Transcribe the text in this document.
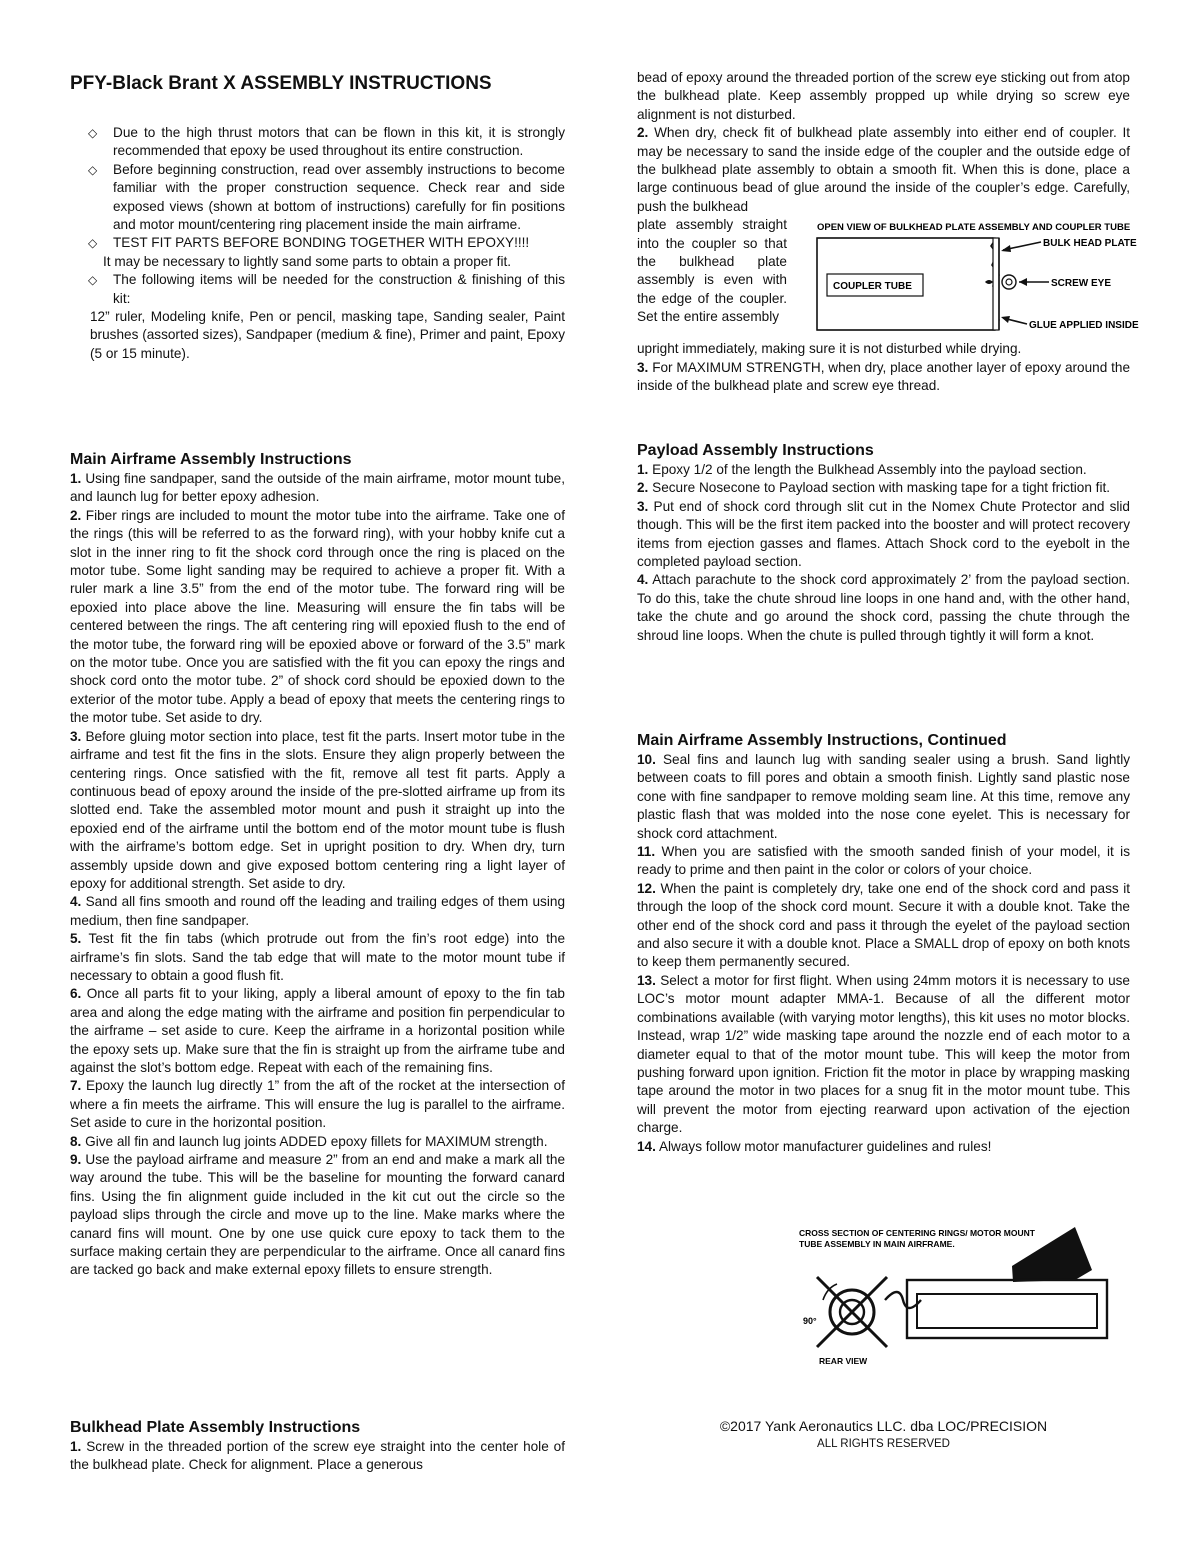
PFY-Black Brant X ASSEMBLY INSTRUCTIONS
◇ Due to the high thrust motors that can be flown in this kit, it is strongly recommended that epoxy be used throughout its entire construction.
◇ Before beginning construction, read over assembly instructions to become familiar with the proper construction sequence. Check rear and side exposed views (shown at bottom of instructions) carefully for fin positions and motor mount/centering ring placement inside the main airframe.
◇ TEST FIT PARTS BEFORE BONDING TOGETHER WITH EPOXY!!!!
It may be necessary to lightly sand some parts to obtain a proper fit.
◇ The following items will be needed for the construction & finishing of this kit:
12” ruler, Modeling knife, Pen or pencil, masking tape, Sanding sealer, Paint brushes (assorted sizes), Sandpaper (medium & fine), Primer and paint, Epoxy (5 or 15 minute).
Main Airframe Assembly Instructions

1. Using fine sandpaper, sand the outside of the main airframe, motor mount tube, and launch lug for better epoxy adhesion.

2. Fiber rings are included to mount the motor tube into the airframe. Take one of the rings (this will be referred to as the forward ring), with your hobby knife cut a slot in the inner ring to fit the shock cord through once the ring is placed on the motor tube. Some light sanding may be required to achieve a proper fit. With a ruler mark a line 3.5” from the end of the motor tube. The forward ring will be epoxied into place above the line. Measuring will ensure the fin tabs will be centered between the rings. The aft centering ring will epoxied flush to the end of the motor tube, the forward ring will be epoxied above or forward of the 3.5” mark on the motor tube. Once you are satisfied with the fit you can epoxy the rings and shock cord onto the motor tube. 2” of shock cord should be epoxied down to the exterior of the motor tube. Apply a bead of epoxy that meets the centering rings to the motor tube. Set aside to dry.

3. Before gluing motor section into place, test fit the parts. Insert motor tube in the airframe and test fit the fins in the slots. Ensure they align properly between the centering rings. Once satisfied with the fit, remove all test fit parts. Apply a continuous bead of epoxy around the inside of the pre-slotted airframe up from its slotted end. Take the assembled motor mount and push it straight up into the epoxied end of the airframe until the bottom end of the motor mount tube is flush with the airframe’s bottom edge. Set in upright position to dry. When dry, turn assembly upside down and give exposed bottom centering ring a light layer of epoxy for additional strength. Set aside to dry.

4. Sand all fins smooth and round off the leading and trailing edges of them using medium, then fine sandpaper.

5. Test fit the fin tabs (which protrude out from the fin’s root edge) into the airframe’s fin slots. Sand the tab edge that will mate to the motor mount tube if necessary to obtain a good flush fit.

6. Once all parts fit to your liking, apply a liberal amount of epoxy to the fin tab area and along the edge mating with the airframe and position fin perpendicular to the airframe – set aside to cure. Keep the airframe in a horizontal position while the epoxy sets up. Make sure that the fin is straight up from the airframe tube and against the slot’s bottom edge. Repeat with each of the remaining fins.

7. Epoxy the launch lug directly 1” from the aft of the rocket at the intersection of where a fin meets the airframe. This will ensure the lug is parallel to the airframe. Set aside to cure in the horizontal position.

8. Give all fin and launch lug joints ADDED epoxy fillets for MAXIMUM strength.

9. Use the payload airframe and measure 2” from an end and make a mark all the way around the tube. This will be the baseline for mounting the forward canard fins. Using the fin alignment guide included in the kit cut out the circle so the payload slips through the circle and move up to the line. Make marks where the canard fins will mount. One by one use quick cure epoxy to tack them to the surface making certain they are perpendicular to the airframe. Once all canard fins are tacked go back and make external epoxy fillets to ensure strength.

Bulkhead Plate Assembly Instructions

1. Screw in the threaded portion of the screw eye straight into the center hole of the bulkhead plate. Check for alignment. Place a generous

bead of epoxy around the threaded portion of the screw eye sticking out from atop the bulkhead plate. Keep assembly propped up while drying so screw eye alignment is not disturbed.

2. When dry, check fit of bulkhead plate assembly into either end of coupler. It may be necessary to sand the inside edge of the coupler and the outside edge of the bulkhead plate assembly to obtain a smooth fit. When this is done, place a large continuous bead of glue around the inside of the coupler’s edge. Carefully, push the bulkhead

plate assembly straight into the coupler so that the bulkhead plate assembly is even with the edge of the coupler. Set the entire assembly

OPEN VIEW OF BULKHEAD PLATE ASSEMBLY AND COUPLER TUBE
COUPLER TUBE	SCREW EYE
BULK HEAD PLATE
GLUE APPLIED INSIDE

upright immediately, making sure it is not disturbed while drying.

3. For MAXIMUM STRENGTH, when dry, place another layer of epoxy around the inside of the bulkhead plate and screw eye thread.

Payload Assembly Instructions

1. Epoxy 1/2 of the length the Bulkhead Assembly into the payload section.

2. Secure Nosecone to Payload section with masking tape for a tight friction fit.

3. Put end of shock cord through slit cut in the Nomex Chute Protector and slid though. This will be the first item packed into the booster and will protect recovery items from ejection gasses and flames. Attach Shock cord to the eyebolt in the completed payload section.

4. Attach parachute to the shock cord approximately 2’ from the payload section. To do this, take the chute shroud line loops in one hand and, with the other hand, take the chute and go around the shock cord, passing the chute through the shroud line loops. When the chute is pulled through tightly it will form a knot.

Main Airframe Assembly Instructions, Continued

10. Seal fins and launch lug with sanding sealer using a brush. Sand lightly between coats to fill pores and obtain a smooth finish. Lightly sand plastic nose cone with fine sandpaper to remove molding seam line. At this time, remove any plastic flash that was molded into the nose cone eyelet. This is necessary for shock cord attachment.

11. When you are satisfied with the smooth sanded finish of your model, it is ready to prime and then paint in the color or colors of your choice.

12. When the paint is completely dry, take one end of the shock cord and pass it through the loop of the shock cord mount. Secure it with a double knot. Take the other end of the shock cord and pass it through the eyelet of the payload section and also secure it with a double knot. Place a SMALL drop of epoxy on both knots to keep them permanently secured.

13. Select a motor for first flight. When using 24mm motors it is necessary to use LOC’s motor mount adapter MMA-1. Because of all the different motor combinations available (with varying motor lengths), this kit uses no motor blocks. Instead, wrap 1/2” wide masking tape around the nozzle end of each motor to a diameter equal to that of the motor mount tube. This will keep the motor from pushing forward upon ignition. Friction fit the motor in place by wrapping masking tape around the motor in two places for a snug fit in the motor mount tube. This will prevent the motor from ejecting rearward upon activation of the ejection charge.

14. Always follow motor manufacturer guidelines and rules!

CROSS SECTION OF CENTERING RINGS/ MOTOR MOUNT
TUBE ASSEMBLY IN MAIN AIRFRAME.
90°
REAR VIEW
©2017 Yank Aeronautics LLC. dba LOC/PRECISION
ALL RIGHTS RESERVED
